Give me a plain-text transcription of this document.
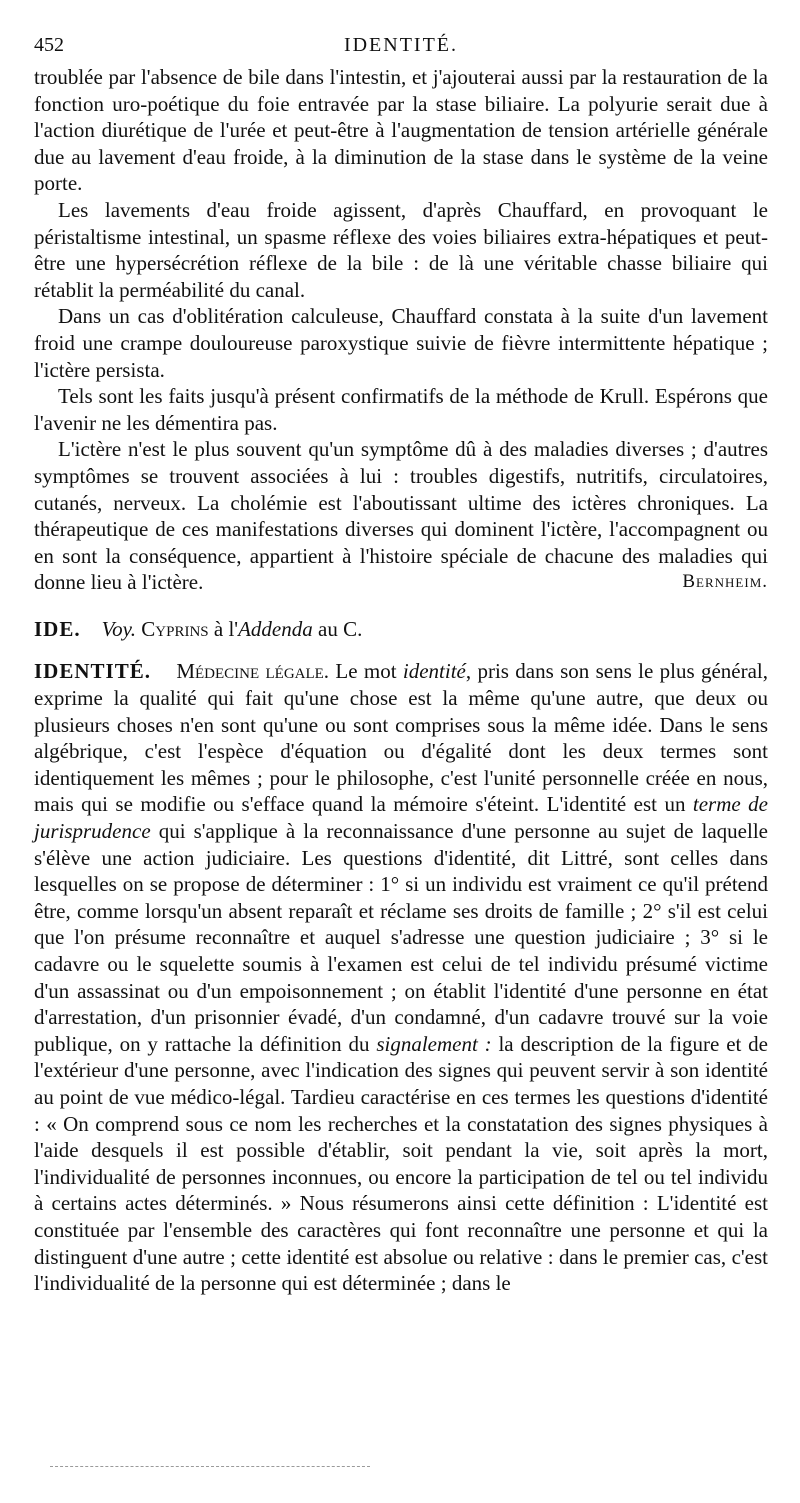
452	IDENTITÉ.

troublée par l'absence de bile dans l'intestin, et j'ajouterai aussi par la restauration de la fonction uro-poétique du foie entravée par la stase biliaire. La polyurie serait due à l'action diurétique de l'urée et peut-être à l'augmentation de tension artérielle générale due au lavement d'eau froide, à la diminution de la stase dans le système de la veine porte.

Les lavements d'eau froide agissent, d'après Chauffard, en provoquant le péristaltisme intestinal, un spasme réflexe des voies biliaires extra-hépatiques et peut-être une hypersécrétion réflexe de la bile : de là une véritable chasse biliaire qui rétablit la perméabilité du canal.

Dans un cas d'oblitération calculeuse, Chauffard constata à la suite d'un lavement froid une crampe douloureuse paroxystique suivie de fièvre intermittente hépatique ; l'ictère persista.

Tels sont les faits jusqu'à présent confirmatifs de la méthode de Krull. Espérons que l'avenir ne les démentira pas.

L'ictère n'est le plus souvent qu'un symptôme dû à des maladies diverses ; d'autres symptômes se trouvent associées à lui : troubles digestifs, nutritifs, circulatoires, cutanés, nerveux. La cholémie est l'aboutissant ultime des ictères chroniques. La thérapeutique de ces manifestations diverses qui dominent l'ictère, l'accompagnent ou en sont la conséquence, appartient à l'histoire spéciale de chacune des maladies qui donne lieu à l'ictère.	Bernheim.

IDE. Voy. Cyprins à l'Addenda au C.

IDENTITÉ. Médecine légale. Le mot identité, pris dans son sens le plus général, exprime la qualité qui fait qu'une chose est la même qu'une autre, que deux ou plusieurs choses n'en sont qu'une ou sont comprises sous la même idée. Dans le sens algébrique, c'est l'espèce d'équation ou d'égalité dont les deux termes sont identiquement les mêmes ; pour le philosophe, c'est l'unité personnelle créée en nous, mais qui se modifie ou s'efface quand la mémoire s'éteint. L'identité est un terme de jurisprudence qui s'applique à la reconnaissance d'une personne au sujet de laquelle s'élève une action judiciaire. Les questions d'identité, dit Littré, sont celles dans lesquelles on se propose de déterminer : 1° si un individu est vraiment ce qu'il prétend être, comme lorsqu'un absent reparaît et réclame ses droits de famille ; 2° s'il est celui que l'on présume reconnaître et auquel s'adresse une question judiciaire ; 3° si le cadavre ou le squelette soumis à l'examen est celui de tel individu présumé victime d'un assassinat ou d'un empoisonnement ; on établit l'identité d'une personne en état d'arrestation, d'un prisonnier évadé, d'un condamné, d'un cadavre trouvé sur la voie publique, on y rattache la définition du signalement : la description de la figure et de l'extérieur d'une personne, avec l'indication des signes qui peuvent servir à son identité au point de vue médico-légal. Tardieu caractérise en ces termes les questions d'identité : « On comprend sous ce nom les recherches et la constatation des signes physiques à l'aide desquels il est possible d'établir, soit pendant la vie, soit après la mort, l'individualité de personnes inconnues, ou encore la participation de tel ou tel individu à certains actes déterminés. » Nous résumerons ainsi cette définition : L'identité est constituée par l'ensemble des caractères qui font reconnaître une personne et qui la distinguent d'une autre ; cette identité est absolue ou relative : dans le premier cas, c'est l'individualité de la personne qui est déterminée ; dans le
